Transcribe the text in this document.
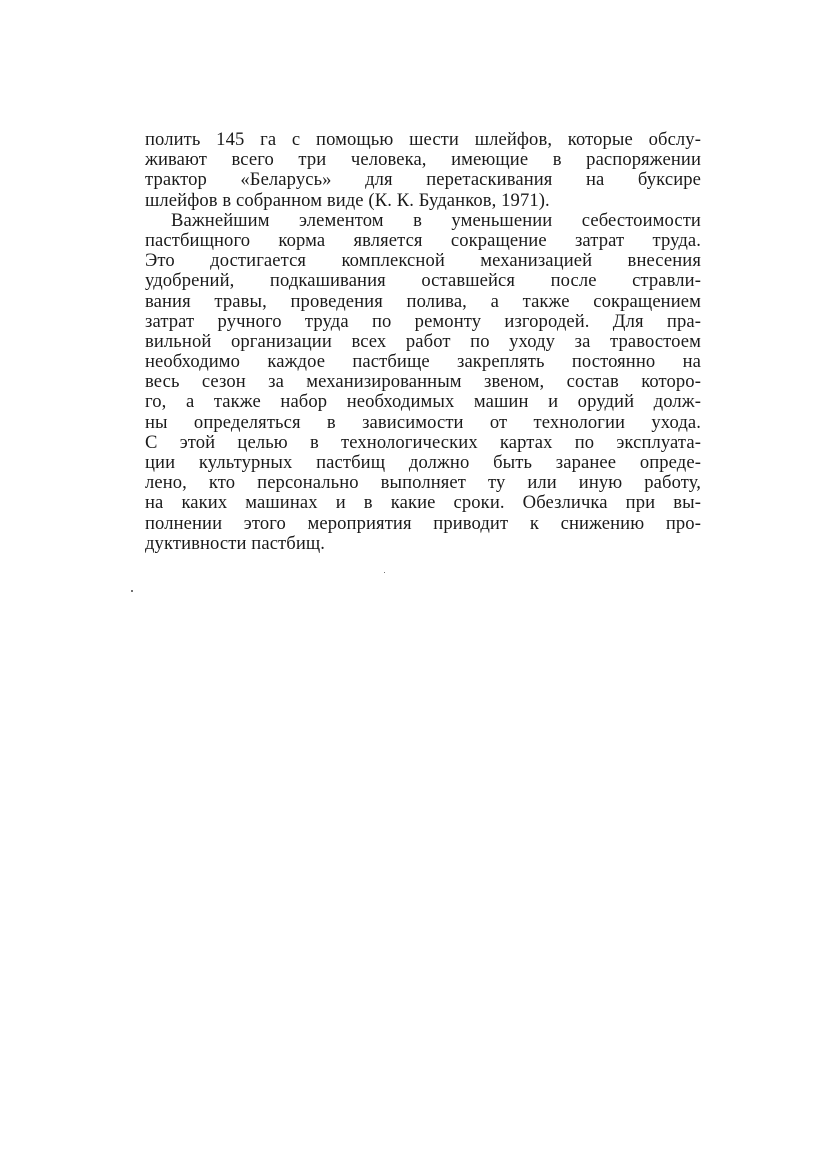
полить 145 га с помощью шести шлейфов, которые обслу-
живают всего три человека, имеющие в распоряжении
трактор «Беларусь» для перетаскивания на буксире
шлейфов в собранном виде (К. К. Буданков, 1971).
Важнейшим элементом в уменьшении себестоимости
пастбищного корма является сокращение затрат труда.
Это достигается комплексной механизацией внесения
удобрений, подкашивания оставшейся после стравли-
вания травы, проведения полива, а также сокращением
затрат ручного труда по ремонту изгородей. Для пра-
вильной организации всех работ по уходу за травостоем
необходимо каждое пастбище закреплять постоянно на
весь сезон за механизированным звеном, состав которо-
го, а также набор необходимых машин и орудий долж-
ны определяться в зависимости от технологии ухода.
С этой целью в технологических картах по эксплуата-
ции культурных пастбищ должно быть заранее опреде-
лено, кто персонально выполняет ту или иную работу,
на каких машинах и в какие сроки. Обезличка при вы-
полнении этого мероприятия приводит к снижению про-
дуктивности пастбищ.
